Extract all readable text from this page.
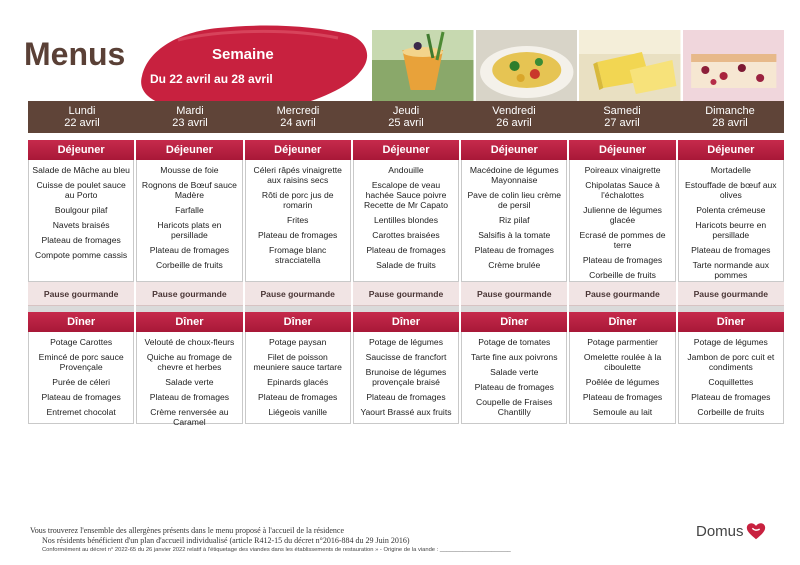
Menus	Semaine
Du 22 avril au 28 avril
Lundi
22 avril
Mardi
23 avril
Mercredi
24 avril
Jeudi
25 avril
Vendredi
26 avril
Samedi
27 avril
Dimanche
28 avril
Déjeuner
Salade de Mâche au bleu
Cuisse de poulet sauce au Porto
Boulgour pilaf
Navets braisés
Plateau de fromages
Compote pomme cassis
Pause gourmande
Dîner
Potage Carottes
Emincé de porc sauce Provençale
Purée de céleri
Plateau de fromages
Entremet chocolat
Déjeuner
Mousse de foie
Rognons de Bœuf sauce Madère
Farfalle
Haricots plats en persillade
Plateau de fromages
Corbeille de fruits
Pause gourmande
Dîner
Velouté de choux-fleurs
Quiche au fromage de chevre et herbes
Salade verte
Plateau de fromages
Crème renversée au Caramel
Déjeuner
Céleri râpés vinaigrette aux raisins secs
Rôti de porc jus de romarin
Frites
Plateau de fromages
Fromage blanc stracciatella
Pause gourmande
Dîner
Potage paysan
Filet de poisson meuniere sauce tartare
Epinards glacés
Plateau de fromages
Liégeois vanille
Déjeuner
Andouille
Escalope de veau hachée Sauce poivre Recette de Mr Capato
Lentilles blondes
Carottes braisées
Plateau de fromages
Salade de fruits
Pause gourmande
Dîner
Potage de légumes
Saucisse de francfort
Brunoise de légumes provençale braisé
Plateau de fromages
Yaourt Brassé aux fruits
Déjeuner
Macédoine de légumes Mayonnaise
Pave de colin lieu crème de persil
Riz pilaf
Salsifis à la tomate
Plateau de fromages
Crème brulée
Pause gourmande
Dîner
Potage de tomates
Tarte fine aux poivrons
Salade verte
Plateau de fromages
Coupelle de Fraises Chantilly
Déjeuner
Poireaux vinaigrette
Chipolatas Sauce à l'échalottes
Julienne de légumes glacée
Ecrasé de pommes de terre
Plateau de fromages
Corbeille de fruits
Pause gourmande
Dîner
Potage parmentier
Omelette roulée à la ciboulette
Poêlée de légumes
Plateau de fromages
Semoule au lait
Déjeuner
Mortadelle
Estouffade de bœuf aux olives
Polenta crémeuse
Haricots beurre en persillade
Plateau de fromages
Tarte normande aux pommes
Pause gourmande
Dîner
Potage de légumes
Jambon de porc cuit et condiments
Coquillettes
Plateau de fromages
Corbeille de fruits
Vous trouverez l'ensemble des allergènes présents dans le menu proposé à l'accueil de la résidence
Nos résidents bénéficient d'un plan d'accueil individualisé (article R412-15 du décret n°2016-884 du 29 Juin 2016)
Conformément au décret n° 2022-65 du 26 janvier 2022 relatif à l'étiquetage des viandes dans les établissements de restauration » - Origine de la viande : ______________________
Domus
